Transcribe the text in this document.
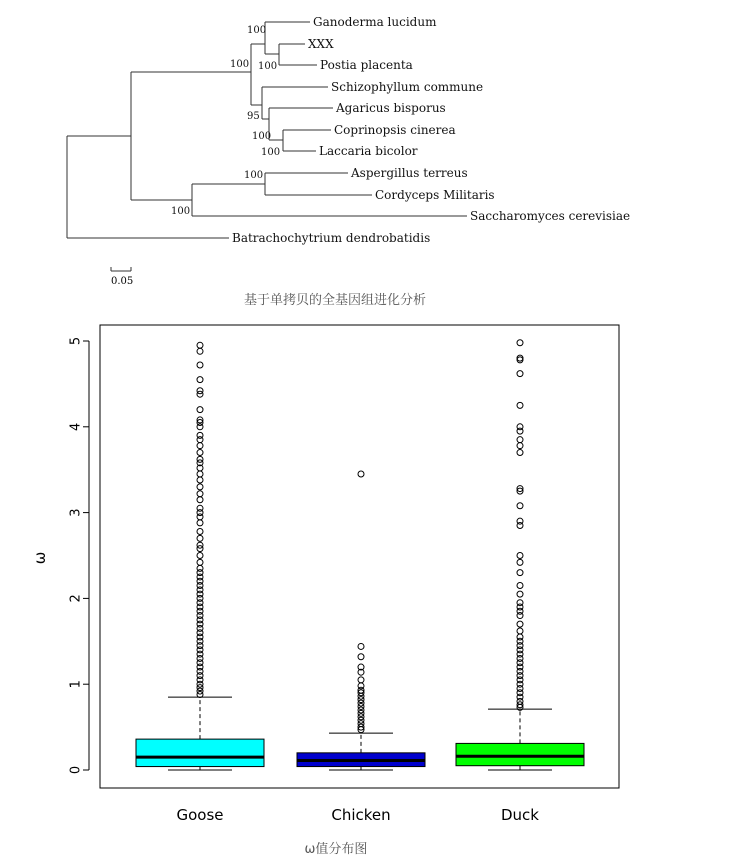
Ganoderma lucidum
XXX
Postia placenta
Schizophyllum commune
Agaricus bisporus
Coprinopsis cinerea
Laccaria bicolor
Aspergillus terreus
Cordyceps Militaris
Saccharomyces cerevisiae
Batrachochytrium dendrobatidis
100
100 100
95
100
100
100
100
0.05
基于单拷贝的全基因组进化分析
0
1
2
3
4
5
ω
Goose	Chicken	Duck
ω值分布图
